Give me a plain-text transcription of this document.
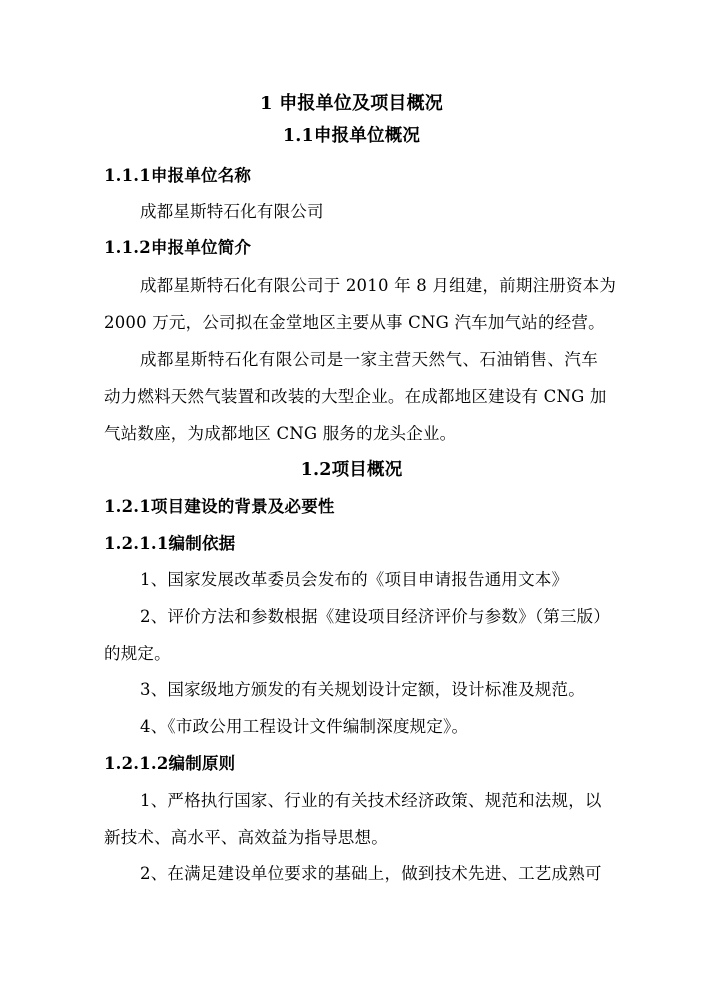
1 申报单位及项目概况
1.1申报单位概况
1.1.1申报单位名称
成都星斯特石化有限公司
1.1.2申报单位简介
成都星斯特石化有限公司于 2010 年 8 月组建，前期注册资本为
2000 万元，公司拟在金堂地区主要从事 CNG 汽车加气站的经营。
成都星斯特石化有限公司是一家主营天然气、石油销售、汽车
动力燃料天然气装置和改装的大型企业。在成都地区建设有 CNG 加
气站数座，为成都地区 CNG 服务的龙头企业。
1.2项目概况
1.2.1项目建设的背景及必要性
1.2.1.1编制依据
1、国家发展改革委员会发布的《项目申请报告通用文本》
2、评价方法和参数根据《建设项目经济评价与参数》（第三版）
的规定。
3、国家级地方颁发的有关规划设计定额，设计标准及规范。
4、《市政公用工程设计文件编制深度规定》。
1.2.1.2编制原则
1、严格执行国家、行业的有关技术经济政策、规范和法规，以
新技术、高水平、高效益为指导思想。
2、在满足建设单位要求的基础上，做到技术先进、工艺成熟可
